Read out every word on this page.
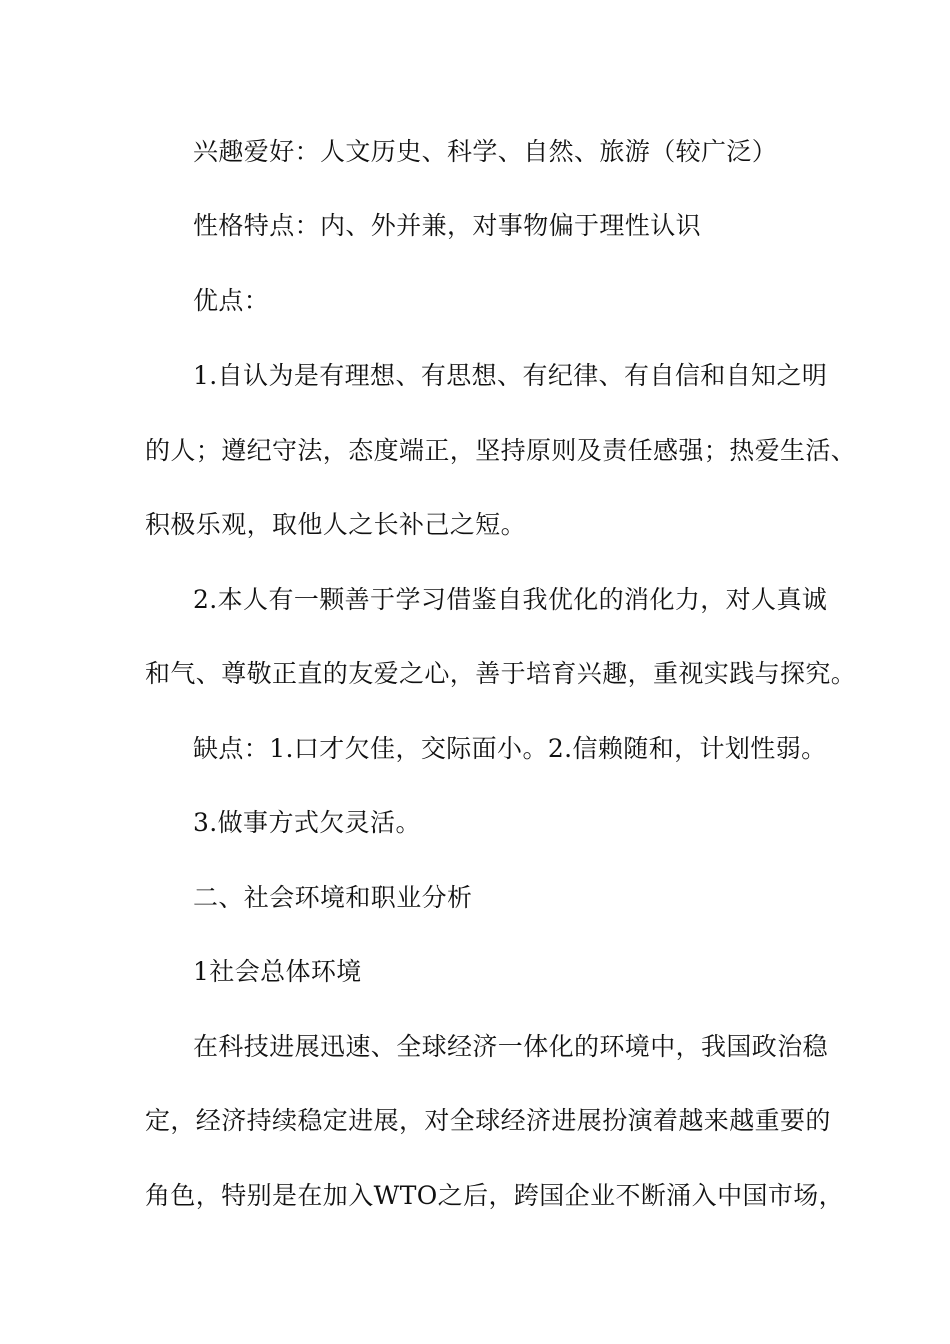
兴趣爱好：人文历史、科学、自然、旅游（较广泛）
性格特点：内、外并兼，对事物偏于理性认识
优点：
1.自认为是有理想、有思想、有纪律、有自信和自知之明
的人；遵纪守法，态度端正，坚持原则及责任感强；热爱生活、
积极乐观，取他人之长补己之短。
2.本人有一颗善于学习借鉴自我优化的消化力，对人真诚
和气、尊敬正直的友爱之心，善于培育兴趣，重视实践与探究。
缺点：1.口才欠佳，交际面小。2.信赖随和，计划性弱。
3.做事方式欠灵活。
二、社会环境和职业分析
1社会总体环境
在科技进展迅速、全球经济一体化的环境中，我国政治稳
定，经济持续稳定进展，对全球经济进展扮演着越来越重要的
角色，特别是在加入WTO之后，跨国企业不断涌入中国市场，
